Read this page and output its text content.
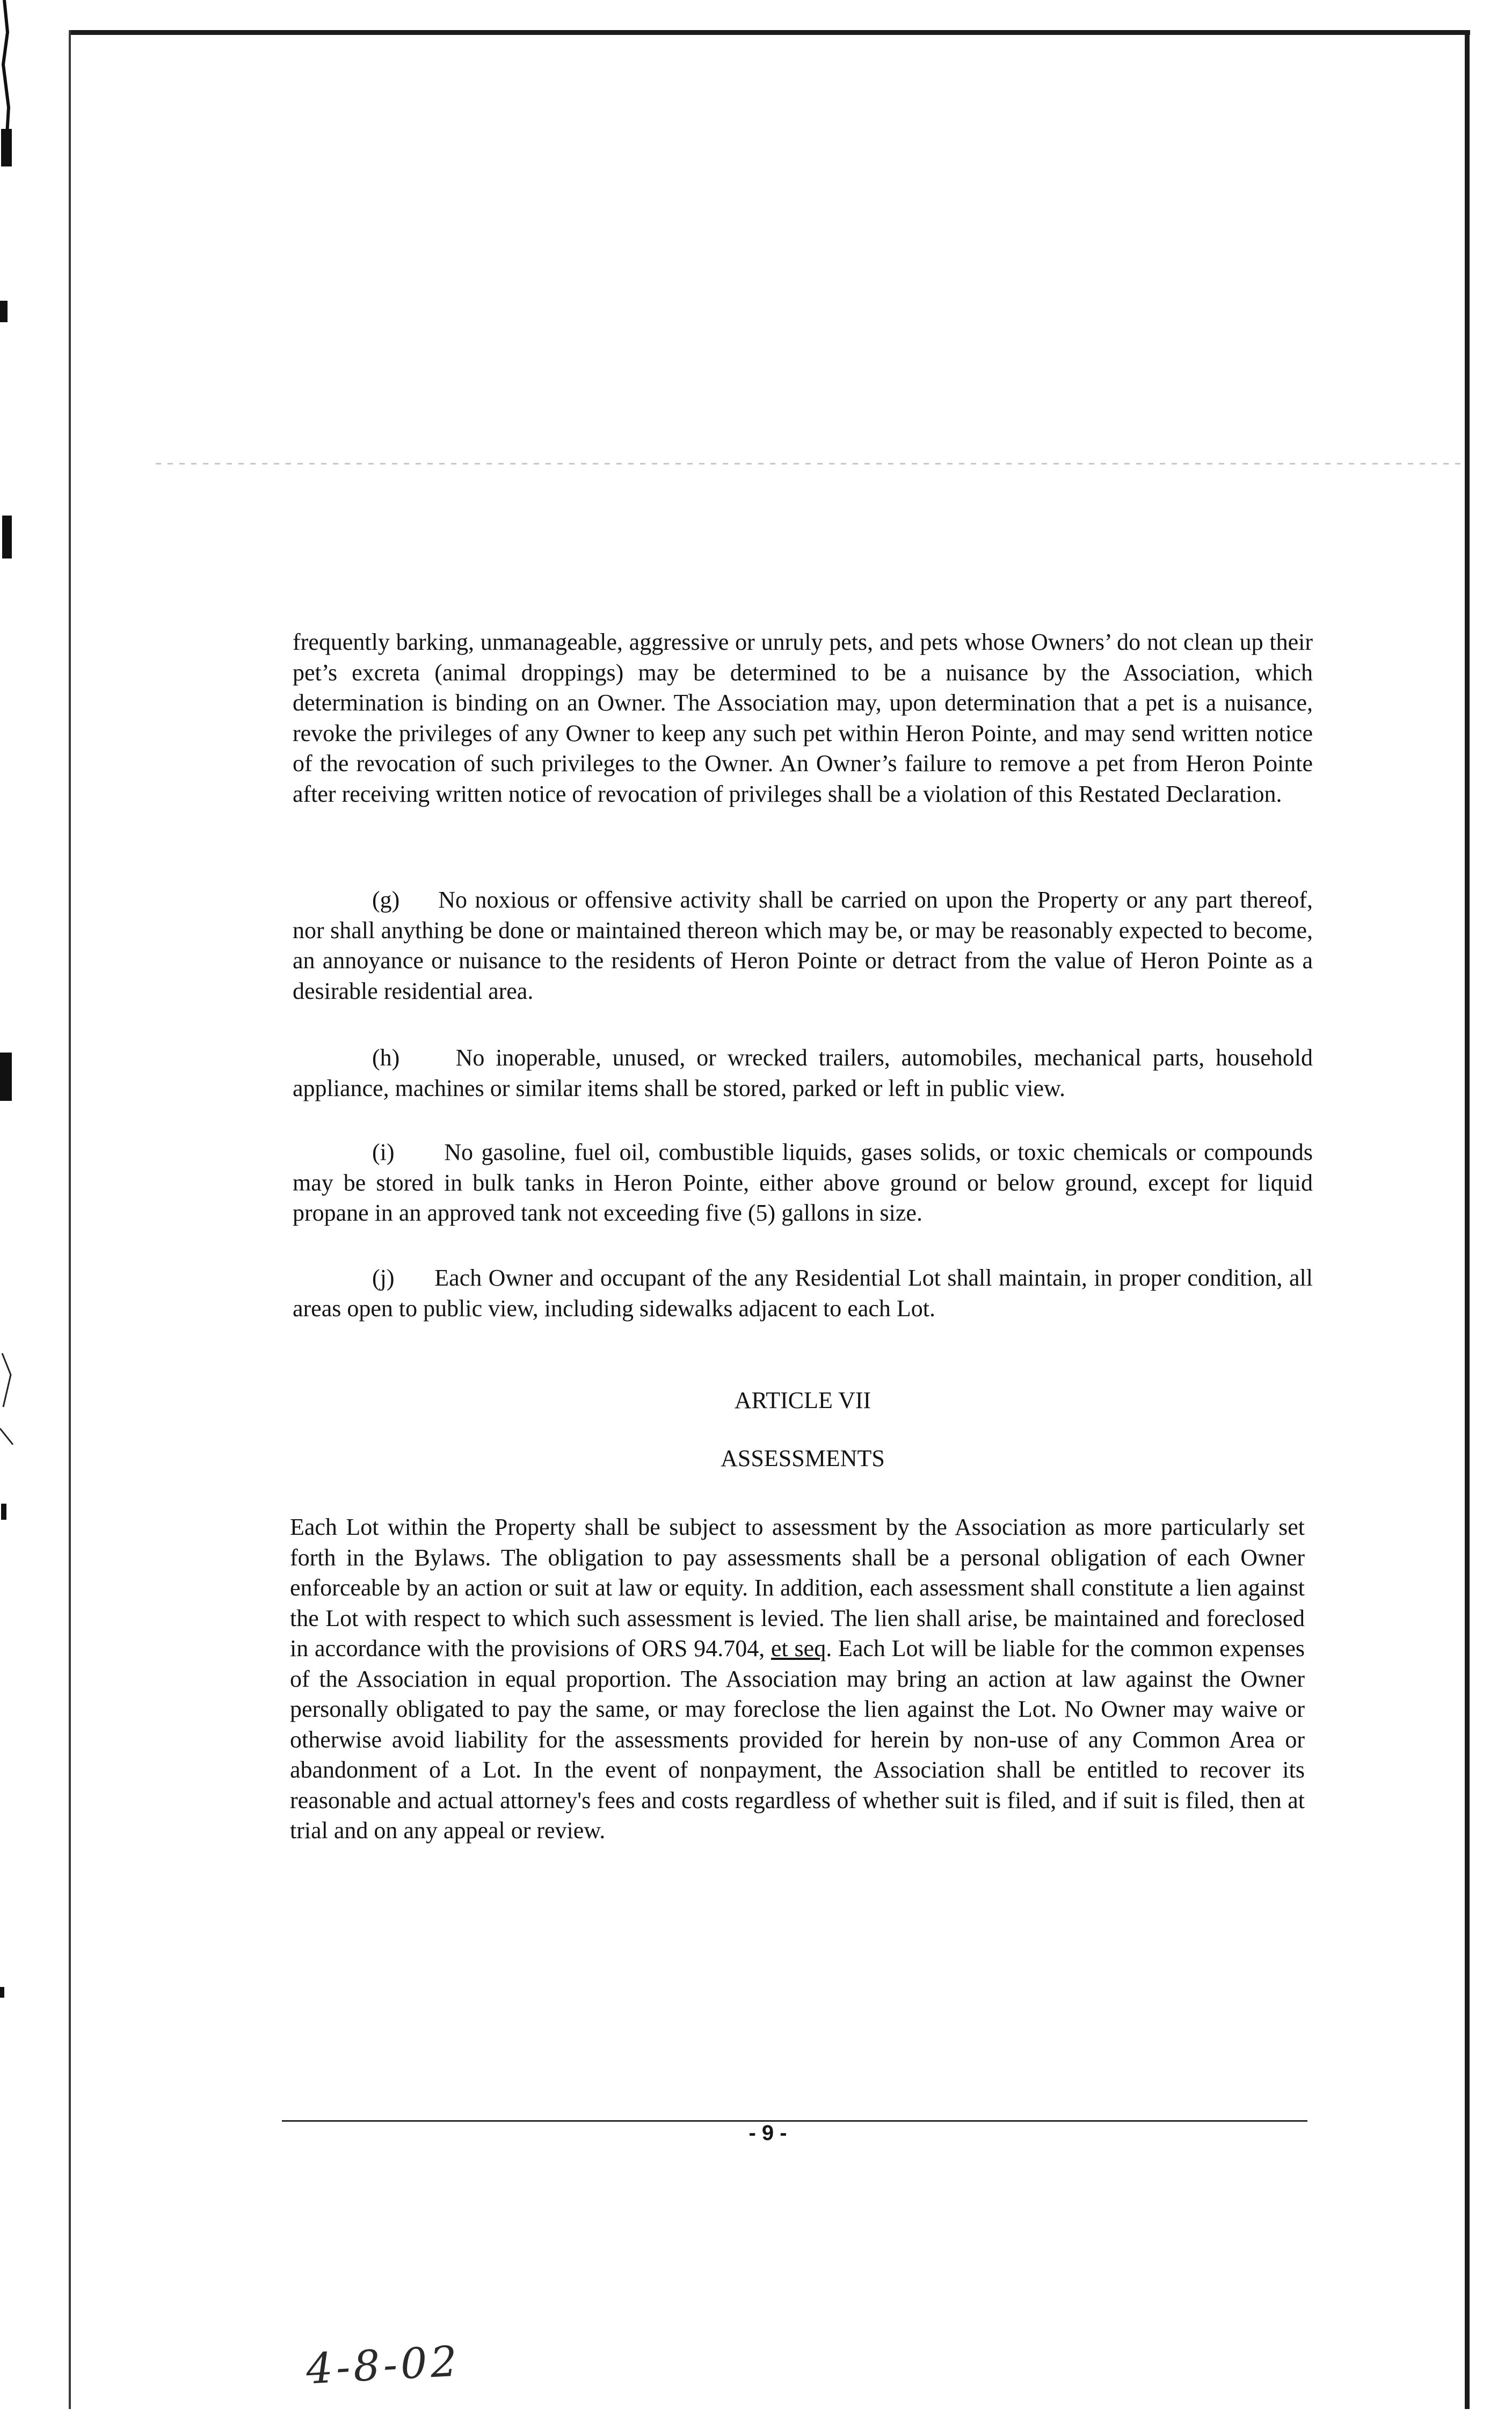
frequently barking, unmanageable, aggressive or unruly pets, and pets whose Owners’ do not clean up their pet’s excreta (animal droppings) may be determined to be a nuisance by the Association, which determination is binding on an Owner. The Association may, upon determination that a pet is a nuisance, revoke the privileges of any Owner to keep any such pet within Heron Pointe, and may send written notice of the revocation of such privileges to the Owner. An Owner’s failure to remove a pet from Heron Pointe after receiving written notice of revocation of privileges shall be a violation of this Restated Declaration.

(g) No noxious or offensive activity shall be carried on upon the Property or any part thereof, nor shall anything be done or maintained thereon which may be, or may be reasonably expected to become, an annoyance or nuisance to the residents of Heron Pointe or detract from the value of Heron Pointe as a desirable residential area.

(h) No inoperable, unused, or wrecked trailers, automobiles, mechanical parts, household appliance, machines or similar items shall be stored, parked or left in public view.

(i) No gasoline, fuel oil, combustible liquids, gases solids, or toxic chemicals or compounds may be stored in bulk tanks in Heron Pointe, either above ground or below ground, except for liquid propane in an approved tank not exceeding five (5) gallons in size.

(j) Each Owner and occupant of the any Residential Lot shall maintain, in proper condition, all areas open to public view, including sidewalks adjacent to each Lot.

ARTICLE VII

ASSESSMENTS

Each Lot within the Property shall be subject to assessment by the Association as more particularly set forth in the Bylaws. The obligation to pay assessments shall be a personal obligation of each Owner enforceable by an action or suit at law or equity. In addition, each assessment shall constitute a lien against the Lot with respect to which such assessment is levied. The lien shall arise, be maintained and foreclosed in accordance with the provisions of ORS 94.704, et seq. Each Lot will be liable for the common expenses of the Association in equal proportion. The Association may bring an action at law against the Owner personally obligated to pay the same, or may foreclose the lien against the Lot. No Owner may waive or otherwise avoid liability for the assessments provided for herein by non-use of any Common Area or abandonment of a Lot. In the event of nonpayment, the Association shall be entitled to recover its reasonable and actual attorney's fees and costs regardless of whether suit is filed, and if suit is filed, then at trial and on any appeal or review.

- 9 -

4-8-02
